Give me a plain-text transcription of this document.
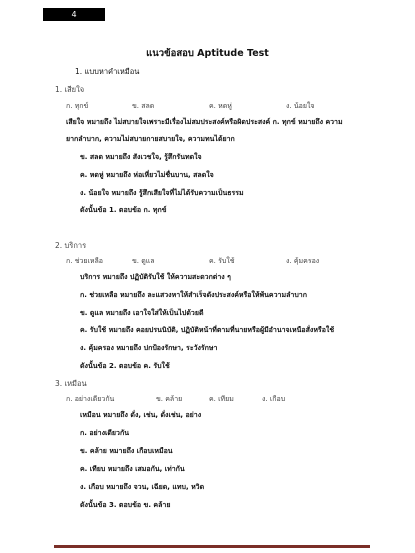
4
แนวข้อสอบ Aptitude Test
1. แบบหาคำเหมือน
1. เสียใจ
ก. ทุกข์	ข. สลด	ค. หดหู่	ง. น้อยใจ
เสียใจ หมายถึง ไม่สบายใจเพราะมีเรื่องไม่สมประสงค์หรือผิดประสงค์ ก. ทุกข์ หมายถึง ความ
ยากลำบาก, ความไม่สบายกายสบายใจ, ความทนได้ยาก
ข. สลด หมายถึง สังเวชใจ, รู้สึกรันทดใจ
ค. หดหู่ หมายถึง ห่อเหี่ยวไม่ชื่นบาน, สลดใจ
ง. น้อยใจ หมายถึง รู้สึกเสียใจที่ไม่ได้รับความเป็นธรรม
ดังนั้นข้อ 1. ตอบข้อ ก. ทุกข์
2. บริการ
ก. ช่วยเหลือ	ข. ดูแล	ค. รับใช้	ง. คุ้มครอง
บริการ หมายถึง ปฏิบัติรับใช้ ให้ความสะดวกต่าง ๆ
ก. ช่วยเหลือ หมายถึง ละแสวงหาให้สำเร็จดังประสงค์หรือให้พ้นความลำบาก
ข. ดูแล หมายถึง เอาใจใส่ให้เป็นไปด้วยดี
ค. รับใช้ หมายถึง คอยปรนนิบัติ, ปฏิบัติหน้าที่ตามที่นายหรือผู้มีอำนาจเหนือสั่งหรือใช้
ง. คุ้มครอง หมายถึง ปกป้องรักษา, ระวังรักษา
ดังนั้นข้อ 2. ตอบข้อ ค. รับใช้
3. เหมือน
ก. อย่างเดียวกัน	ข. คล้าย	ค. เทียม	ง. เกือบ
เหมือน หมายถึง ดั่ง, เช่น, ดั่งเช่น, อย่าง
ก. อย่างเดียวกัน
ข. คล้าย หมายถึง เกือบเหมือน
ค. เทียบ หมายถึง เสมอกัน, เท่ากัน
ง. เกือบ หมายถึง จวน, เฉียด, แทบ, หวิด
ดังนั้นข้อ 3. ตอบข้อ ข. คล้าย
